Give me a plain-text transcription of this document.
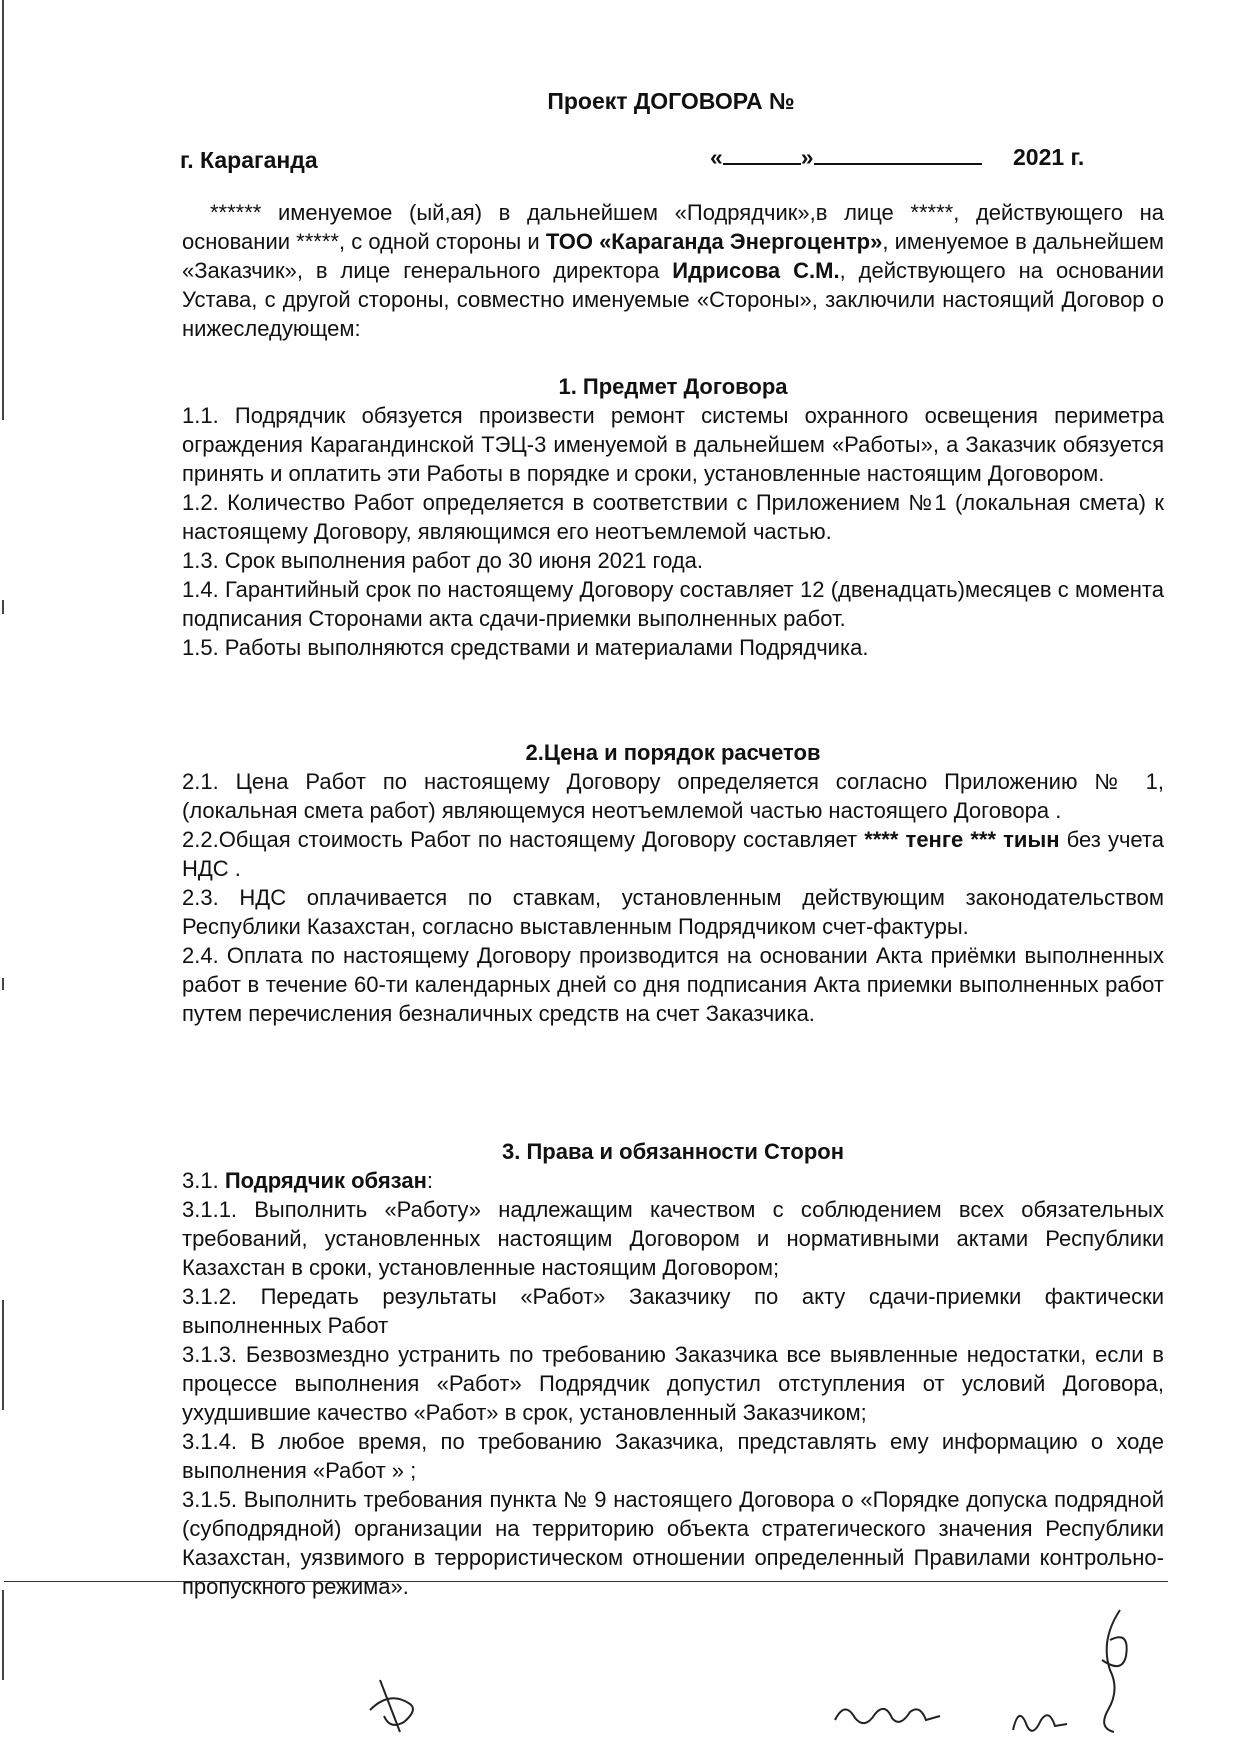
Проект ДОГОВОРА №
г. Караганда	«	»	2021 г.

****** именуемое (ый,ая) в дальнейшем «Подрядчик»,в лице *****, действующего на основании *****, с одной стороны и ТОО «Караганда Энергоцентр», именуемое в дальнейшем «Заказчик», в лице генерального директора Идрисова С.М., действующего на основании Устава, с другой стороны, совместно именуемые «Стороны», заключили настоящий Договор о нижеследующем:

1. Предмет Договора

1.1. Подрядчик обязуется произвести ремонт системы охранного освещения периметра ограждения Карагандинской ТЭЦ-3 именуемой в дальнейшем «Работы», а Заказчик обязуется принять и оплатить эти Работы в порядке и сроки, установленные настоящим Договором.

1.2. Количество Работ определяется в соответствии с Приложением №1 (локальная смета) к настоящему Договору, являющимся его неотъемлемой частью.

1.3. Срок выполнения работ до 30 июня 2021 года.

1.4. Гарантийный срок по настоящему Договору составляет 12 (двенадцать)месяцев с момента подписания Сторонами акта сдачи-приемки выполненных работ.

1.5. Работы выполняются средствами и материалами Подрядчика.

2.Цена и порядок расчетов

2.1. Цена Работ по настоящему Договору определяется согласно Приложению № 1, (локальная смета работ) являющемуся неотъемлемой частью настоящего Договора .

2.2.Общая стоимость Работ по настоящему Договору составляет **** тенге *** тиын без учета НДС .

2.3. НДС оплачивается по ставкам, установленным действующим законодательством Республики Казахстан, согласно выставленным Подрядчиком счет-фактуры.

2.4. Оплата по настоящему Договору производится на основании Акта приёмки выполненных работ в течение 60-ти календарных дней со дня подписания Акта приемки выполненных работ путем перечисления безналичных средств на счет Заказчика.

3. Права и обязанности Сторон

3.1. Подрядчик обязан:

3.1.1. Выполнить «Работу» надлежащим качеством с соблюдением всех обязательных требований, установленных настоящим Договором и нормативными актами Республики Казахстан в сроки, установленные настоящим Договором;

3.1.2. Передать результаты «Работ» Заказчику по акту сдачи-приемки фактически выполненных Работ

3.1.3. Безвозмездно устранить по требованию Заказчика все выявленные недостатки, если в процессе выполнения «Работ» Подрядчик допустил отступления от условий Договора, ухудшившие качество «Работ» в срок, установленный Заказчиком;

3.1.4. В любое время, по требованию Заказчика, представлять ему информацию о ходе выполнения «Работ » ;

3.1.5. Выполнить требования пункта № 9 настоящего Договора о «Порядке допуска подрядной (субподрядной) организации на территорию объекта стратегического значения Республики Казахстан, уязвимого в террористическом отношении определенный Правилами контрольно-пропускного режима».
